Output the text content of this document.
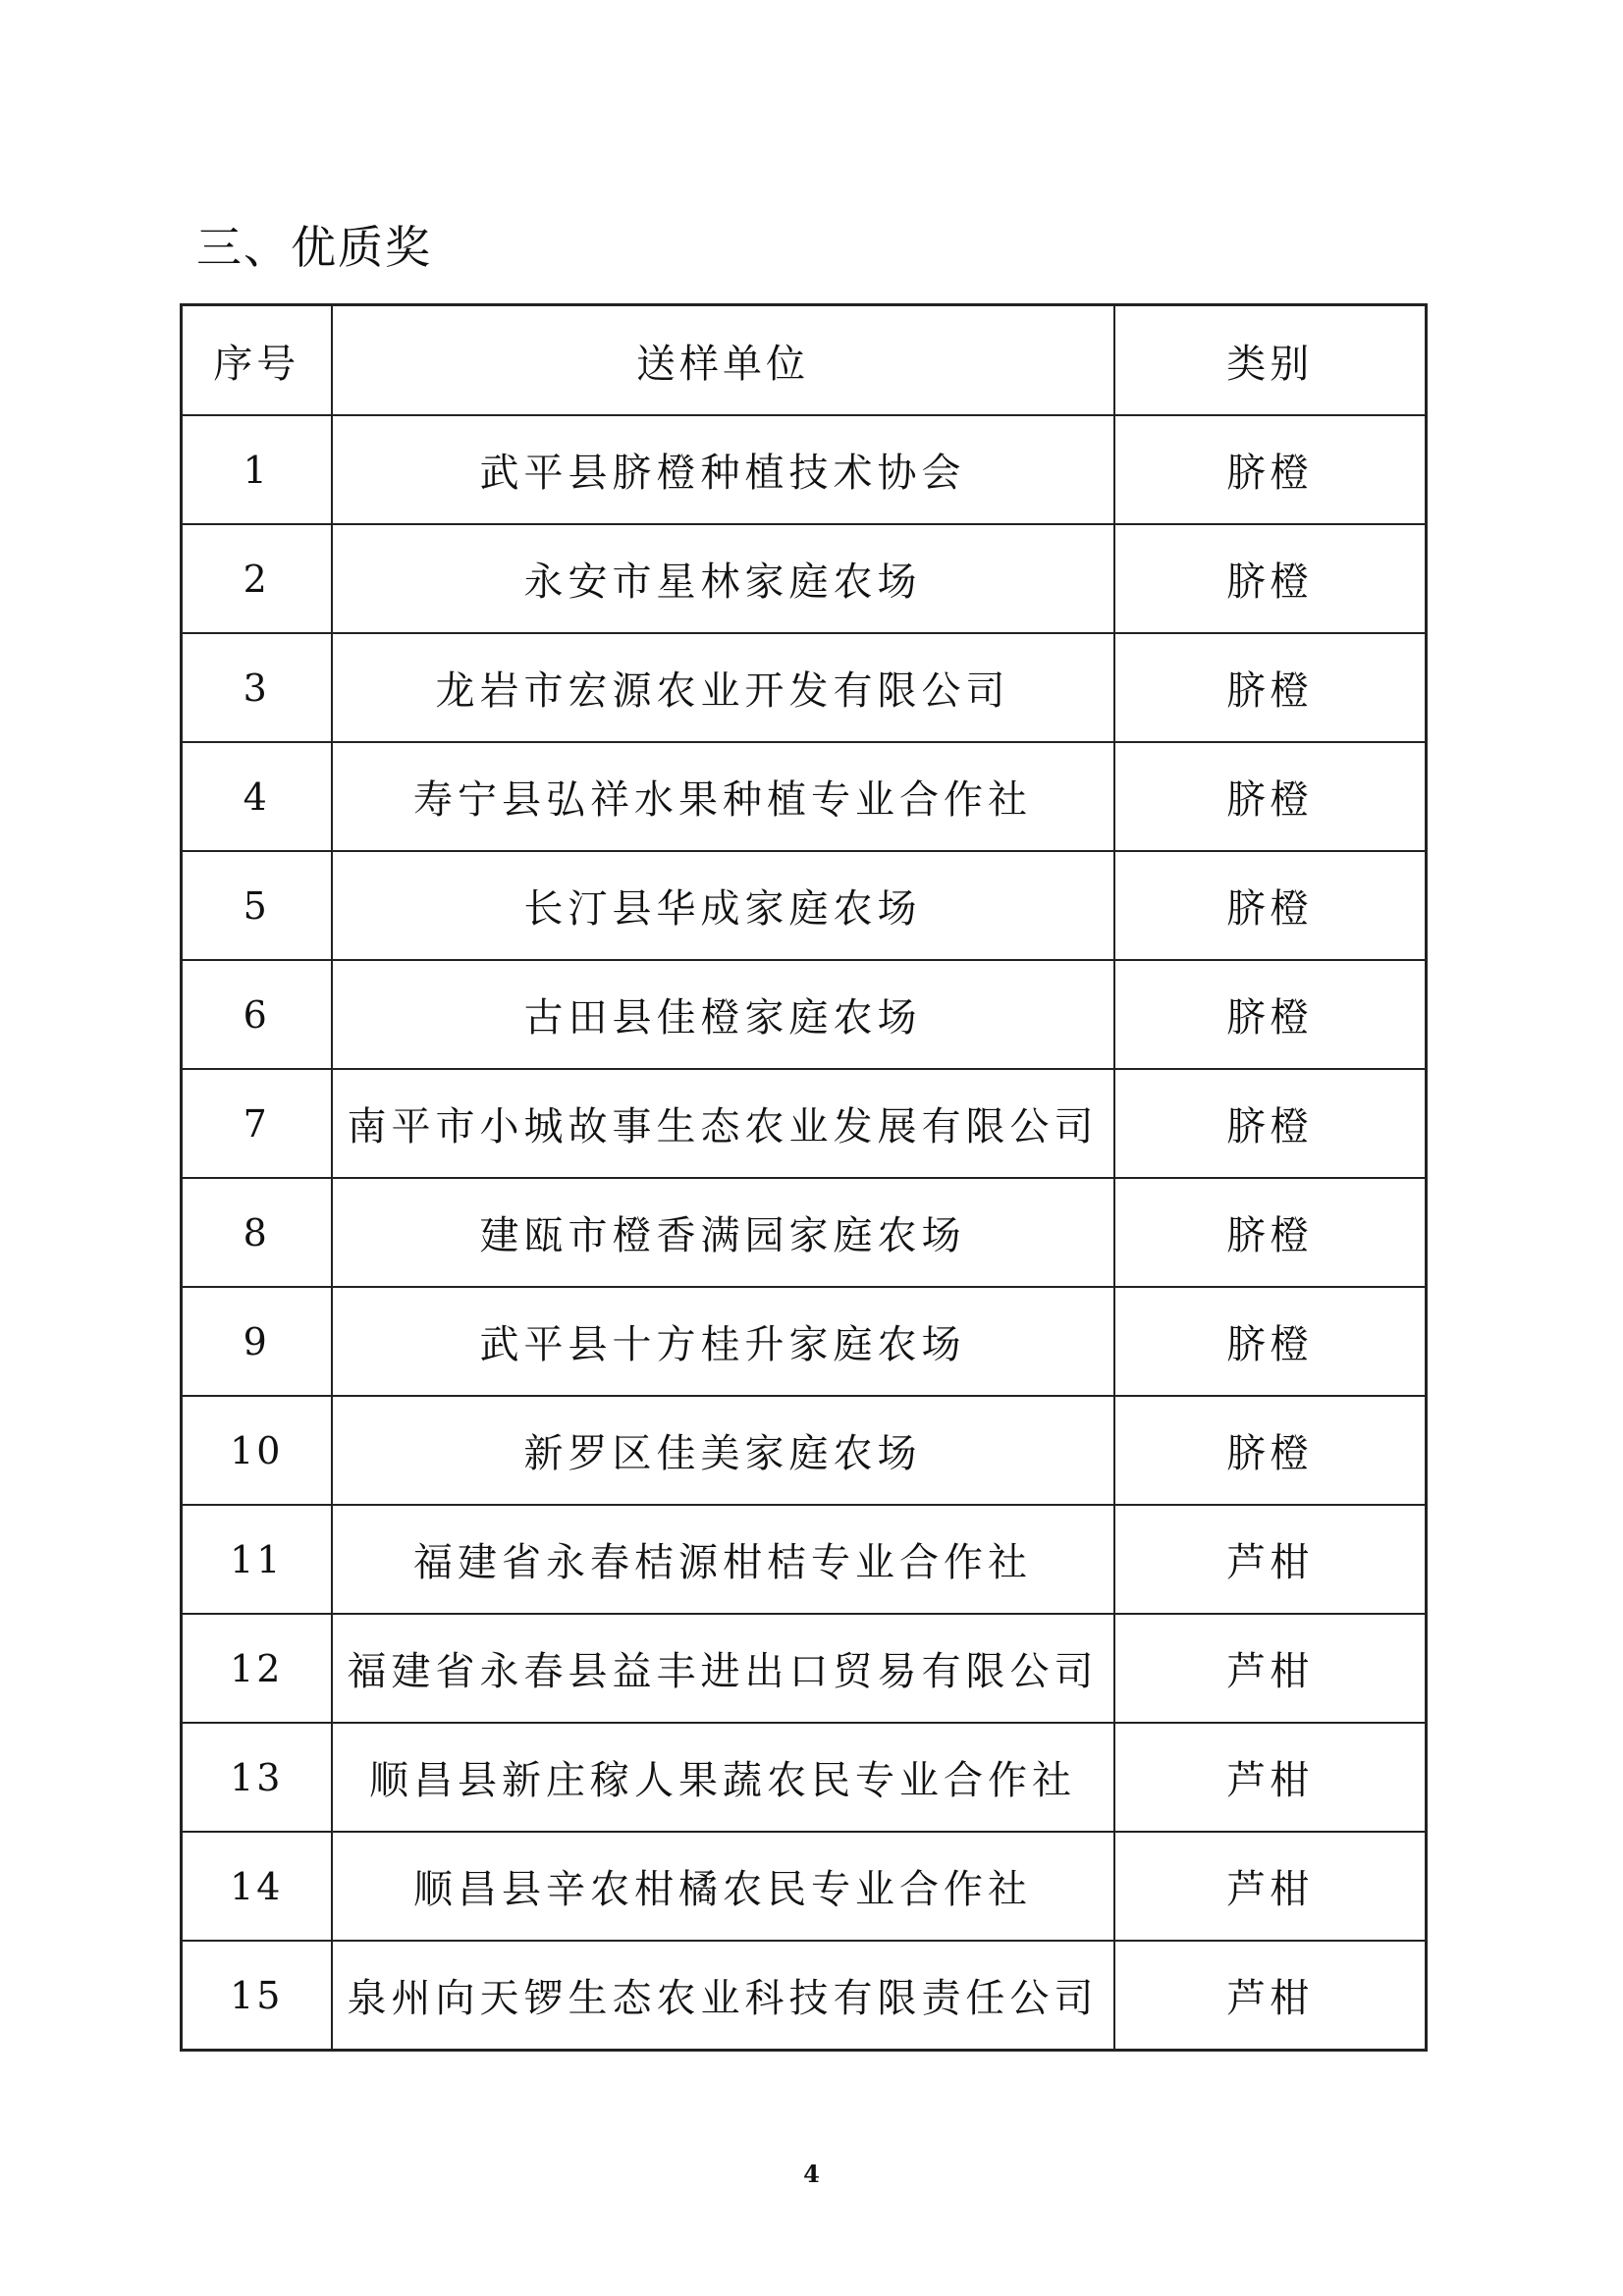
三、优质奖
序号	送样单位	类别
1	武平县脐橙种植技术协会	脐橙
2	永安市星林家庭农场	脐橙
3	龙岩市宏源农业开发有限公司	脐橙
4	寿宁县弘祥水果种植专业合作社	脐橙
5	长汀县华成家庭农场	脐橙
6	古田县佳橙家庭农场	脐橙
7	南平市小城故事生态农业发展有限公司	脐橙
8	建瓯市橙香满园家庭农场	脐橙
9	武平县十方桂升家庭农场	脐橙
10	新罗区佳美家庭农场	脐橙
11	福建省永春桔源柑桔专业合作社	芦柑
12	福建省永春县益丰进出口贸易有限公司	芦柑
13	顺昌县新庄稼人果蔬农民专业合作社	芦柑
14	顺昌县辛农柑橘农民专业合作社	芦柑
15	泉州向天锣生态农业科技有限责任公司	芦柑
4
